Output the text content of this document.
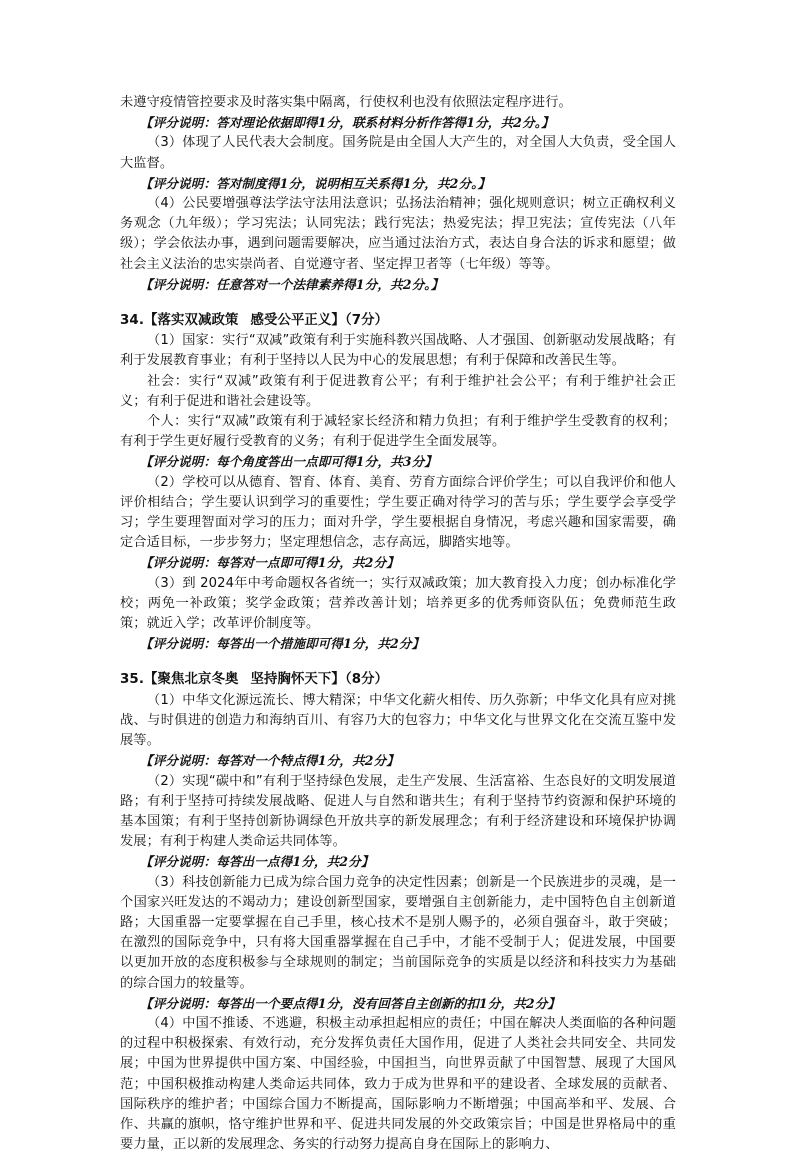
未遵守疫情管控要求及时落实集中隔离，行使权利也没有依照法定程序进行。

【评分说明：答对理论依据即得1分，联系材料分析作答得1分，共2分。】

（3）体现了人民代表大会制度。国务院是由全国人大产生的，对全国人大负责，受全国人大监督。

【评分说明：答对制度得1分，说明相互关系得1分，共2分。】

（4）公民要增强尊法学法守法用法意识；弘扬法治精神；强化规则意识；树立正确权利义务观念（九年级）；学习宪法；认同宪法；践行宪法；热爱宪法；捍卫宪法；宣传宪法（八年级）；学会依法办事，遇到问题需要解决，应当通过法治方式，表达自身合法的诉求和愿望；做社会主义法治的忠实崇尚者、自觉遵守者、坚定捍卫者等（七年级）等等。

【评分说明：任意答对一个法律素养得1分，共2分。】

34.【落实双减政策 感受公平正义】（7分）

（1）国家：实行“双减”政策有利于实施科教兴国战略、人才强国、创新驱动发展战略；有利于发展教育事业；有利于坚持以人民为中心的发展思想；有利于保障和改善民生等。

社会：实行“双减”政策有利于促进教育公平；有利于维护社会公平；有利于维护社会正义；有利于促进和谐社会建设等。

个人：实行“双减”政策有利于减轻家长经济和精力负担；有利于维护学生受教育的权利；有利于学生更好履行受教育的义务；有利于促进学生全面发展等。

【评分说明：每个角度答出一点即可得1分，共3分】

（2）学校可以从德育、智育、体育、美育、劳育方面综合评价学生；可以自我评价和他人评价相结合；学生要认识到学习的重要性；学生要正确对待学习的苦与乐；学生要学会享受学习；学生要理智面对学习的压力；面对升学，学生要根据自身情况，考虑兴趣和国家需要，确定合适目标，一步步努力；坚定理想信念，志存高远，脚踏实地等。

【评分说明：每答对一点即可得1分，共2分】

（3）到 2024年中考命题权各省统一；实行双减政策；加大教育投入力度；创办标准化学校；两免一补政策；奖学金政策；营养改善计划；培养更多的优秀师资队伍；免费师范生政策；就近入学；改革评价制度等。

【评分说明：每答出一个措施即可得1分，共2分】

35.【聚焦北京冬奥 坚持胸怀天下】（8分）

（1）中华文化源远流长、博大精深；中华文化薪火相传、历久弥新；中华文化具有应对挑战、与时俱进的创造力和海纳百川、有容乃大的包容力；中华文化与世界文化在交流互鉴中发展等。

【评分说明：每答对一个特点得1分，共2分】

（2）实现“碳中和”有利于坚持绿色发展，走生产发展、生活富裕、生态良好的文明发展道路；有利于坚持可持续发展战略、促进人与自然和谐共生；有利于坚持节约资源和保护环境的基本国策；有利于坚持创新协调绿色开放共享的新发展理念；有利于经济建设和环境保护协调发展；有利于构建人类命运共同体等。

【评分说明：每答出一点得1分，共2分】

（3）科技创新能力已成为综合国力竞争的决定性因素；创新是一个民族进步的灵魂，是一个国家兴旺发达的不竭动力；建设创新型国家，要增强自主创新能力，走中国特色自主创新道路；大国重器一定要掌握在自己手里，核心技术不是别人赐予的，必须自强奋斗，敢于突破；在激烈的国际竞争中，只有将大国重器掌握在自己手中，才能不受制于人；促进发展，中国要以更加开放的态度积极参与全球规则的制定；当前国际竞争的实质是以经济和科技实力为基础的综合国力的较量等。

【评分说明：每答出一个要点得1分，没有回答自主创新的扣1分，共2分】

（4）中国不推诿、不逃避，积极主动承担起相应的责任；中国在解决人类面临的各种问题的过程中积极探索、有效行动，充分发挥负责任大国作用，促进了人类社会共同安全、共同发展；中国为世界提供中国方案、中国经验，中国担当，向世界贡献了中国智慧、展现了大国风范；中国积极推动构建人类命运共同体，致力于成为世界和平的建设者、全球发展的贡献者、国际秩序的维护者；中国综合国力不断提高，国际影响力不断增强；中国高举和平、发展、合作、共赢的旗帜，恪守维护世界和平、促进共同发展的外交政策宗旨；中国是世界格局中的重要力量，正以新的发展理念、务实的行动努力提高自身在国际上的影响力、
